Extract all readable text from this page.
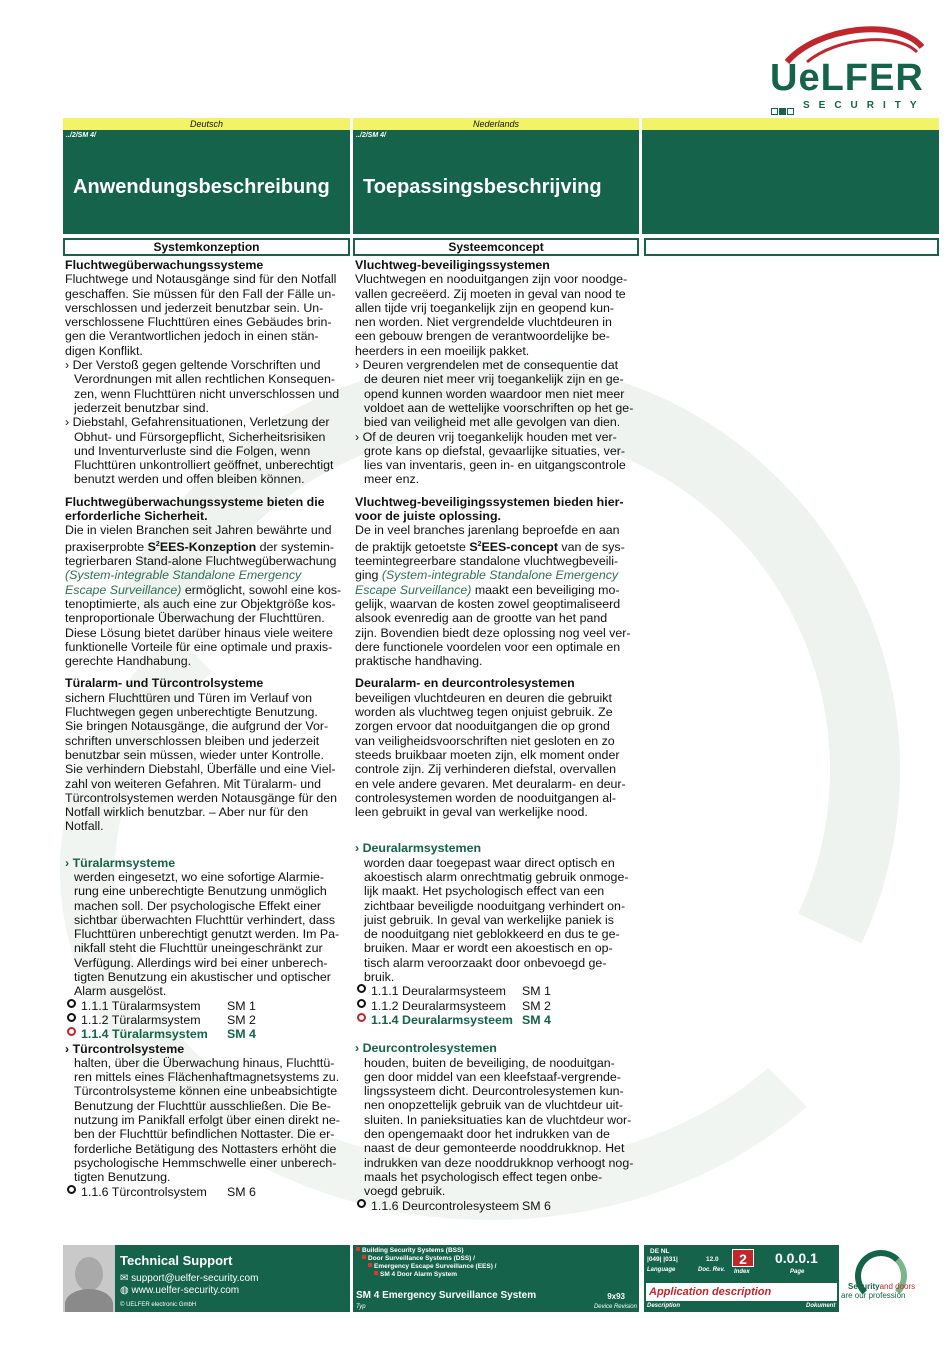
UeLFER
SECURITY
Deutsch	Nederlands
../2/SM 4/	../2/SM 4/
Anwendungsbeschreibung	Toepassingsbeschrijving
Systemkonzeption	Systeemconcept

Fluchtwegüberwachungssysteme

Fluchtwege und Notausgänge sind für den Notfall

geschaffen. Sie müssen für den Fall der Fälle un-

verschlossen und jederzeit benutzbar sein. Un-

verschlossene Fluchttüren eines Gebäudes brin-

gen die Verantwortlichen jedoch in einen stän-

digen Konflikt.

› Der Verstoß gegen geltende Vorschriften und

Verordnungen mit allen rechtlichen Konsequen-

zen, wenn Fluchttüren nicht unverschlossen und

jederzeit benutzbar sind.

› Diebstahl, Gefahrensituationen, Verletzung der

Obhut- und Fürsorgepflicht, Sicherheitsrisiken

und Inventurverluste sind die Folgen, wenn

Fluchttüren unkontrolliert geöffnet, unberechtigt

benutzt werden und offen bleiben können.

Fluchtwegüberwachungssysteme bieten die

erforderliche Sicherheit.

Die in vielen Branchen seit Jahren bewährte und

praxiserprobte $S^2EES$-Konzeption der systemin-

tegrierbaren Stand-alone Fluchtwegüberwachung

(System-integrable Standalone Emergency

Escape Surveillance) ermöglicht, sowohl eine kos-

tenoptimierte, als auch eine zur Objektgröße kos-

tenproportionale Überwachung der Fluchttüren.

Diese Lösung bietet darüber hinaus viele weitere

funktionelle Vorteile für eine optimale und praxis-

gerechte Handhabung.

Türalarm- und Türcontrolsysteme

sichern Fluchttüren und Türen im Verlauf von

Fluchtwegen gegen unberechtigte Benutzung.

Sie bringen Notausgänge, die aufgrund der Vor-

schriften unverschlossen bleiben und jederzeit

benutzbar sein müssen, wieder unter Kontrolle.

Sie verhindern Diebstahl, Überfälle und eine Viel-

zahl von weiteren Gefahren. Mit Türalarm- und

Türcontrolsystemen werden Notausgänge für den

Notfall wirklich benutzbar. – Aber nur für den

Notfall.

› Türalarmsysteme

werden eingesetzt, wo eine sofortige Alarmie-

rung eine unberechtigte Benutzung unmöglich

machen soll. Der psychologische Effekt einer

sichtbar überwachten Fluchttür verhindert, dass

Fluchttüren unberechtigt genutzt werden. Im Pa-

nikfall steht die Fluchttür uneingeschränkt zur

Verfügung. Allerdings wird bei einer unberech-

tigten Benutzung ein akustischer und optischer

Alarm ausgelöst.

1.1.1 Türalarmsystem	SM 1
1.1.2 Türalarmsystem	SM 2
1.1.4 Türalarmsystem	SM 4

› Türcontrolsysteme

halten, über die Überwachung hinaus, Fluchttü-

ren mittels eines Flächenhaftmagnetsystems zu.

Türcontrolsysteme können eine unbeabsichtigte

Benutzung der Fluchttür ausschließen. Die Be-

nutzung im Panikfall erfolgt über einen direkt ne-

ben der Fluchttür befindlichen Nottaster. Die er-

forderliche Betätigung des Nottasters erhöht die

psychologische Hemmschwelle einer unberech-

tigten Benutzung.

1.1.6 Türcontrolsystem	SM 6

Vluchtweg-beveiligingssystemen

Vluchtwegen en nooduitgangen zijn voor noodge-

vallen gecreëerd. Zij moeten in geval van nood te

allen tijde vrij toegankelijk zijn en geopend kun-

nen worden. Niet vergrendelde vluchtdeuren in

een gebouw brengen de verantwoordelijke be-

heerders in een moeilijk pakket.

› Deuren vergrendelen met de consequentie dat

de deuren niet meer vrij toegankelijk zijn en ge-

opend kunnen worden waardoor men niet meer

voldoet aan de wettelijke voorschriften op het ge-

bied van veiligheid met alle gevolgen van dien.

› Of de deuren vrij toegankelijk houden met ver-

grote kans op diefstal, gevaarlijke situaties, ver-

lies van inventaris, geen in- en uitgangscontrole

meer enz.

Vluchtweg-beveiligingssystemen bieden hier-

voor de juiste oplossing.

De in veel branches jarenlang beproefde en aan

de praktijk getoetste $S^2EES$-concept van de sys-

teemintegreerbare standalone vluchtwegbeveili-

ging (System-integrable Standalone Emergency

Escape Surveillance) maakt een beveiliging mo-

gelijk, waarvan de kosten zowel geoptimaliseerd

alsook evenredig aan de grootte van het pand

zijn. Bovendien biedt deze oplossing nog veel ver-

dere functionele voordelen voor een optimale en

praktische handhaving.

Deuralarm- en deurcontrolesystemen

beveiligen vluchtdeuren en deuren die gebruikt

worden als vluchtweg tegen onjuist gebruik. Ze

zorgen ervoor dat nooduitgangen die op grond

van veiligheidsvoorschriften niet gesloten en zo

steeds bruikbaar moeten zijn, elk moment onder

controle zijn. Zij verhinderen diefstal, overvallen

en vele andere gevaren. Met deuralarm- en deur-

controlesystemen worden de nooduitgangen al-

leen gebruikt in geval van werkelijke nood.

› Deuralarmsystemen

worden daar toegepast waar direct optisch en

akoestisch alarm onrechtmatig gebruik onmoge-

lijk maakt. Het psychologisch effect van een

zichtbaar beveiligde nooduitgang verhindert on-

juist gebruik. In geval van werkelijke paniek is

de nooduitgang niet geblokkeerd en dus te ge-

bruiken. Maar er wordt een akoestisch en op-

tisch alarm veroorzaakt door onbevoegd ge-

bruik.

1.1.1 Deuralarmsysteem	SM 1
1.1.2 Deuralarmsysteem	SM 2
1.1.4 Deuralarmsysteem SM 4

› Deurcontrolesystemen

houden, buiten de beveiliging, de nooduitgan-

gen door middel van een kleefstaaf-vergrende-

lingssysteem dicht. Deurcontrolesystemen kun-

nen onopzettelijk gebruik van de vluchtdeur uit-

sluiten. In panieksituaties kan de vluchtdeur wor-

den opengemaakt door het indrukken van de

naast de deur gemonteerde nooddrukknop. Het

indrukken van deze nooddrukknop verhoogt nog-

maals het psychologisch effect tegen onbe-

voegd gebruik.

1.1.6 Deurcontrolesysteem SM 6
Technical Support
✉ support@uelfer-security.com
◍ www.uelfer-security.com
© UELFER electronic GmbH
Building Security Systems (BSS)
Door Surveillance Systems (DSS) /
Emergency Escape Surveillance (EES) /
SM 4 Door Alarm System
SM 4 Emergency Surveillance System
Typ
9x93
Device Revision
DE NL
|049| |031|
Language
12.0
Doc. Rev.
2
Index
0.0.0.1
Page
Application description
Description	Dokument
Securityand doors
are our profession
